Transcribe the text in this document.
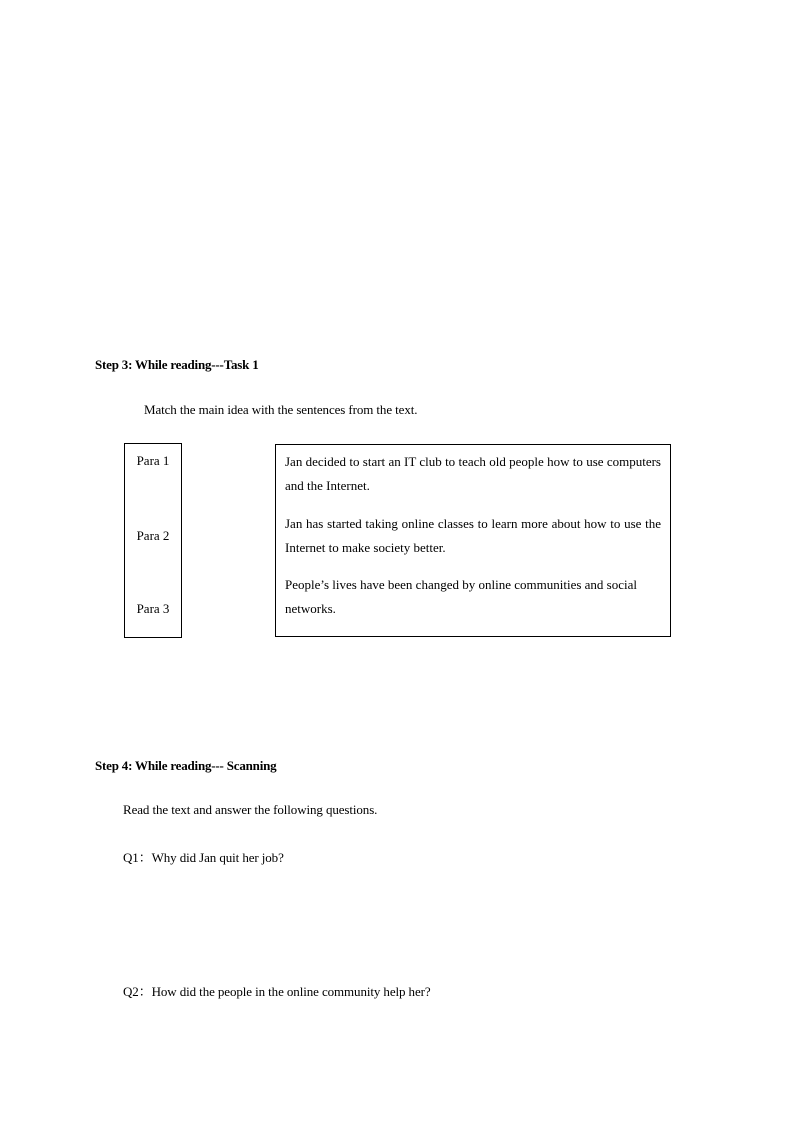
Step 3: While reading---Task 1
Match the main idea with the sentences from the text.
Para 1
Para 2
Para 3
Jan decided to start an IT club to teach old people how to use computers and the Internet.
Jan has started taking online classes to learn more about how to use the Internet to make society better.
People’s lives have been changed by online communities and social networks.
Step 4: While reading--- Scanning
Read the text and answer the following questions.
Q1：Why did Jan quit her job?
Q2：How did the people in the online community help her?
